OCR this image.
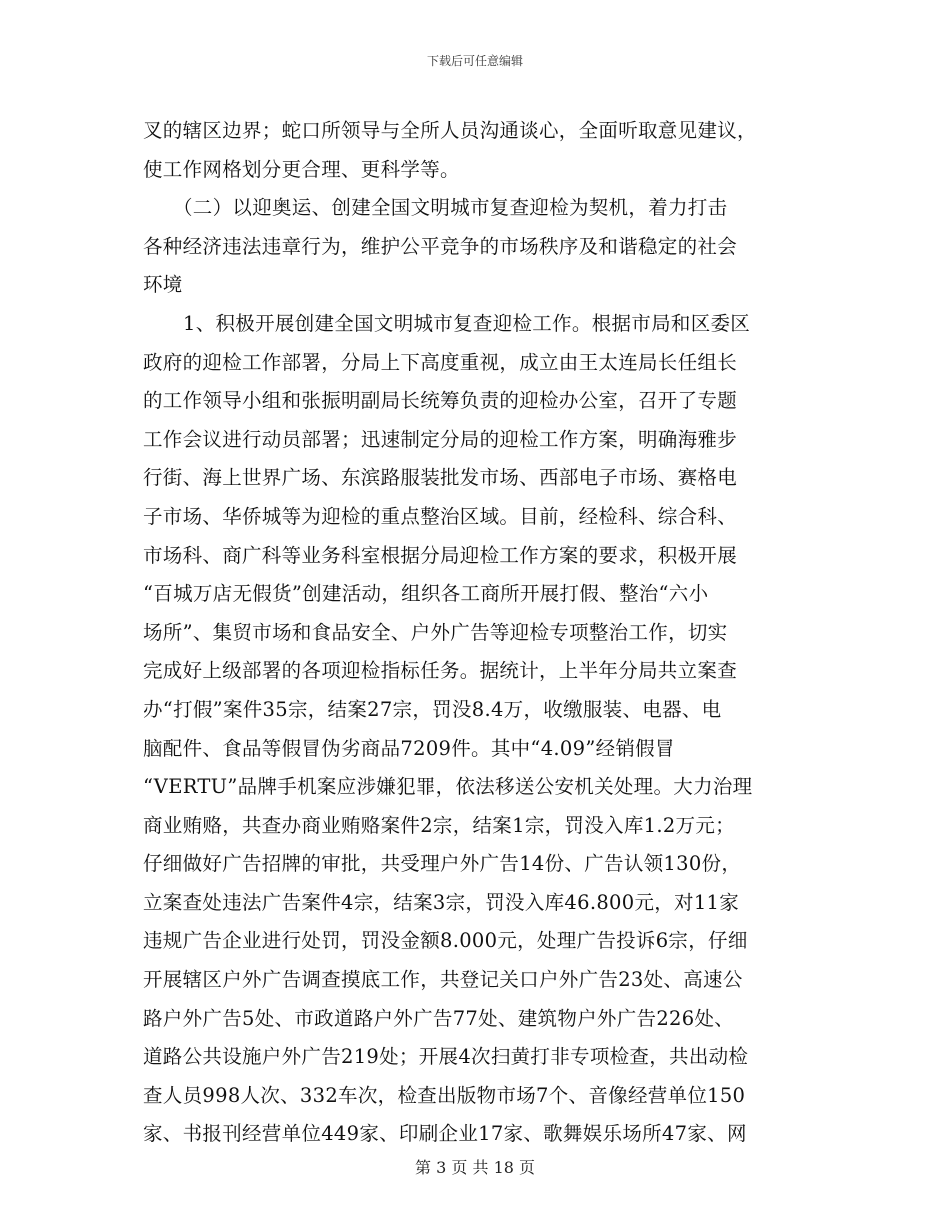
下载后可任意编辑
叉的辖区边界；蛇口所领导与全所人员沟通谈心，全面听取意见建议，
使工作网格划分更合理、更科学等。
（二）以迎奥运、创建全国文明城市复查迎检为契机，着力打击
各种经济违法违章行为，维护公平竞争的市场秩序及和谐稳定的社会
环境
1、积极开展创建全国文明城市复查迎检工作。根据市局和区委区
政府的迎检工作部署，分局上下高度重视，成立由王太连局长任组长
的工作领导小组和张振明副局长统筹负责的迎检办公室，召开了专题
工作会议进行动员部署；迅速制定分局的迎检工作方案，明确海雅步
行街、海上世界广场、东滨路服装批发市场、西部电子市场、赛格电
子市场、华侨城等为迎检的重点整治区域。目前，经检科、综合科、
市场科、商广科等业务科室根据分局迎检工作方案的要求，积极开展
“百城万店无假货”创建活动，组织各工商所开展打假、整治“六小
场所”、集贸市场和食品安全、户外广告等迎检专项整治工作，切实
完成好上级部署的各项迎检指标任务。据统计，上半年分局共立案查
办“打假”案件35宗，结案27宗，罚没8.4万，收缴服装、电器、电
脑配件、食品等假冒伪劣商品7209件。其中“4.09”经销假冒
“VERTU”品牌手机案应涉嫌犯罪，依法移送公安机关处理。大力治理
商业贿赂，共查办商业贿赂案件2宗，结案1宗，罚没入库1.2万元；
仔细做好广告招牌的审批，共受理户外广告14份、广告认领130份，
立案查处违法广告案件4宗，结案3宗，罚没入库46.800元，对11家
违规广告企业进行处罚，罚没金额8.000元，处理广告投诉6宗，仔细
开展辖区户外广告调查摸底工作，共登记关口户外广告23处、高速公
路户外广告5处、市政道路户外广告77处、建筑物户外广告226处、
道路公共设施户外广告219处；开展4次扫黄打非专项检查，共出动检
查人员998人次、332车次，检查出版物市场7个、音像经营单位150
家、书报刊经营单位449家、印刷企业17家、歌舞娱乐场所47家、网
第 3 页 共 18 页
